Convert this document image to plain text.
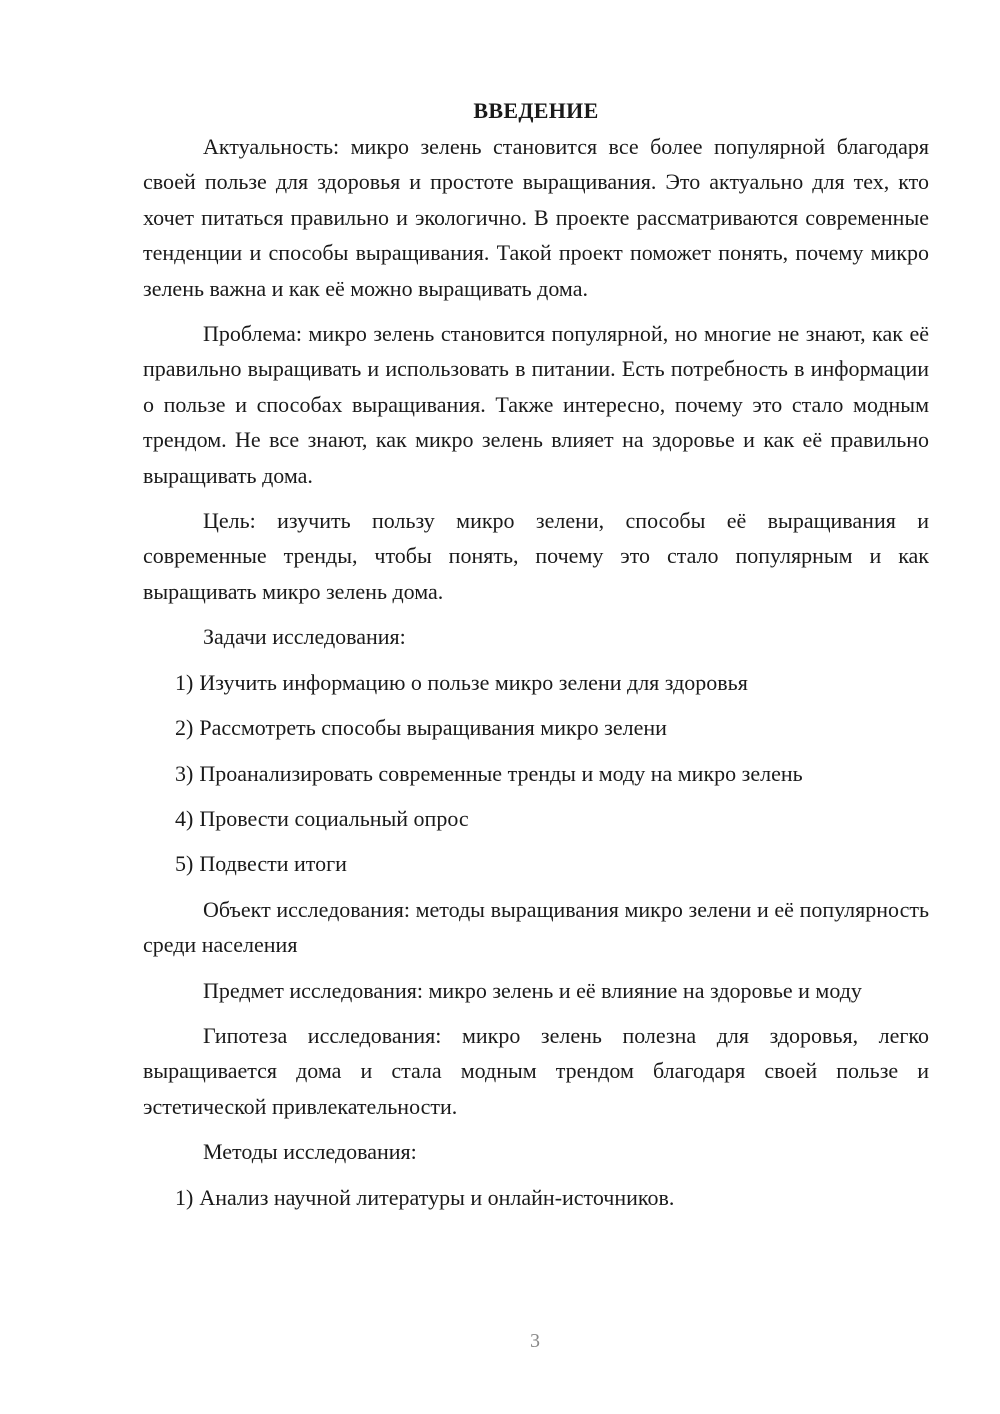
ВВЕДЕНИЕ

Актуальность: микро зелень становится все более популярной благодаря своей пользе для здоровья и простоте выращивания. Это актуально для тех, кто хочет питаться правильно и экологично. В проекте рассматриваются современные тенденции и способы выращивания. Такой проект поможет понять, почему микро зелень важна и как её можно выращивать дома.

Проблема: микро зелень становится популярной, но многие не знают, как её правильно выращивать и использовать в питании. Есть потребность в информации о пользе и способах выращивания. Также интересно, почему это стало модным трендом. Не все знают, как микро зелень влияет на здоровье и как её правильно выращивать дома.

Цель: изучить пользу микро зелени, способы её выращивания и современные тренды, чтобы понять, почему это стало популярным и как выращивать микро зелень дома.

Задачи исследования:
1) Изучить информацию о пользе микро зелени для здоровья
2) Рассмотреть способы выращивания микро зелени
3) Проанализировать современные тренды и моду на микро зелень
4) Провести социальный опрос
5) Подвести итоги

Объект исследования: методы выращивания микро зелени и её популярность среди населения

Предмет исследования: микро зелень и её влияние на здоровье и моду

Гипотеза исследования: микро зелень полезна для здоровья, легко выращивается дома и стала модным трендом благодаря своей пользе и эстетической привлекательности.

Методы исследования:
1) Анализ научной литературы и онлайн-источников.
3
